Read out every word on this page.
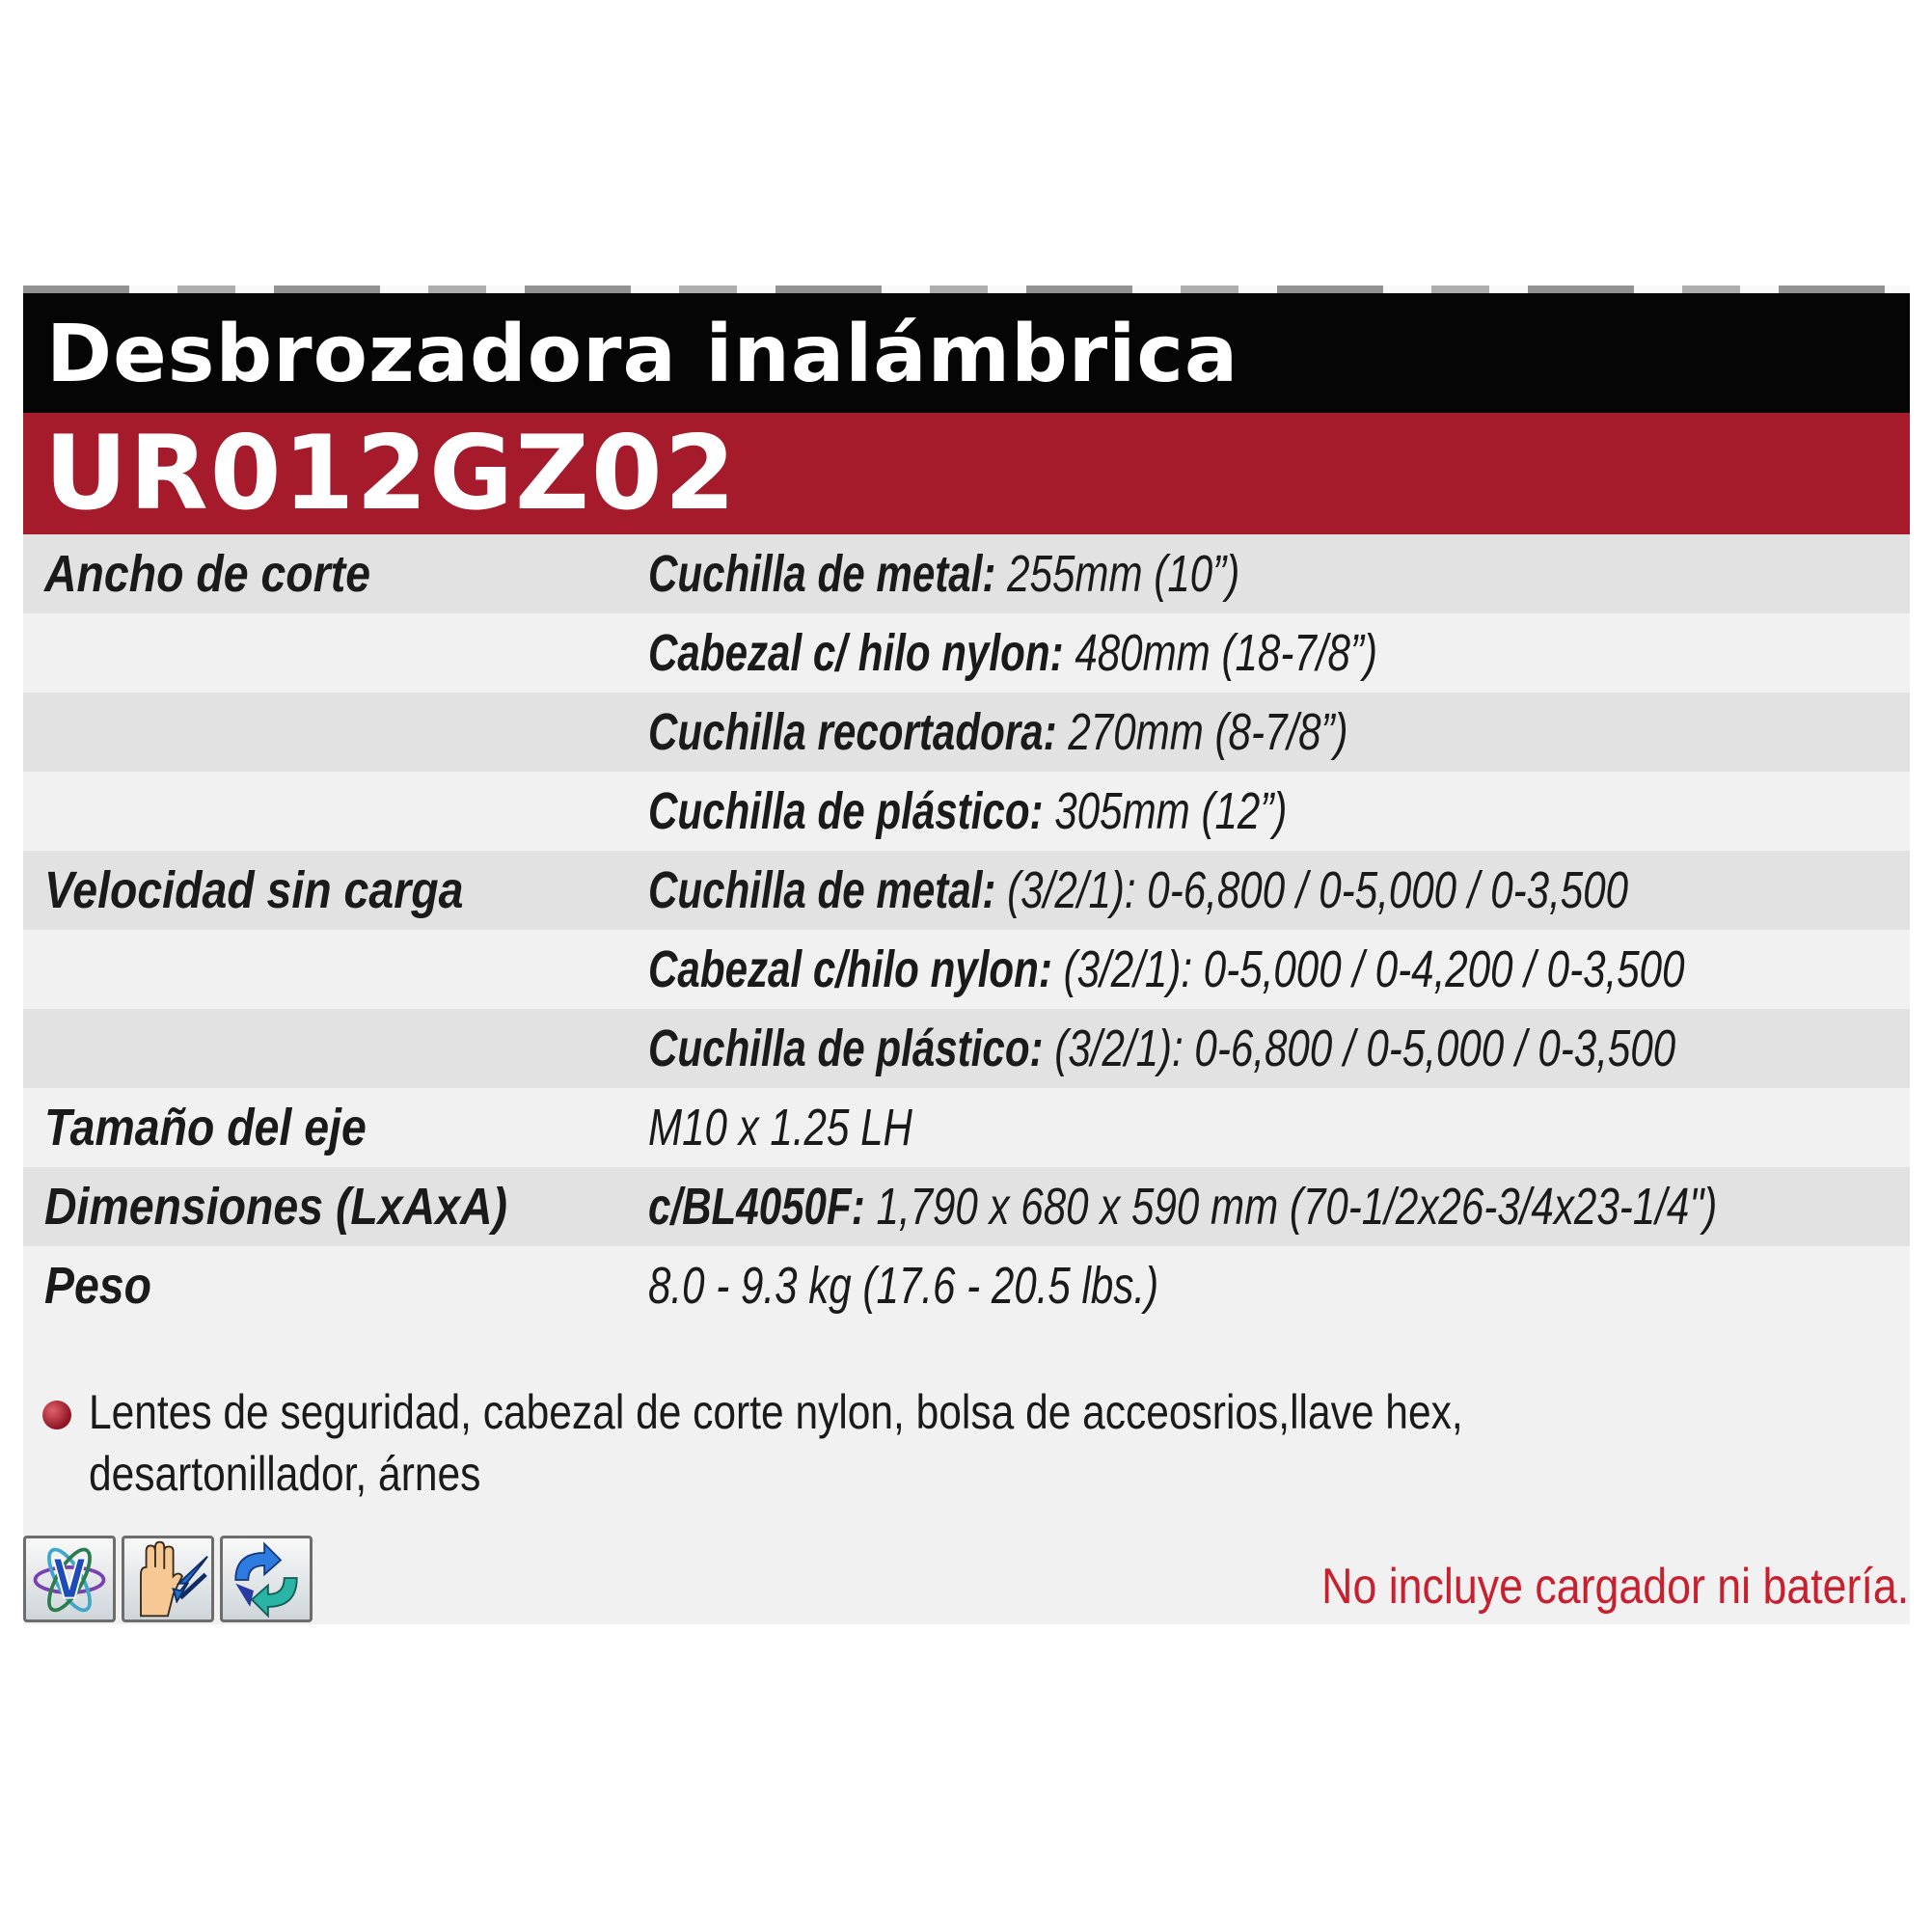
Desbrozadora inalámbrica
UR012GZ02
Ancho de corte	Cuchilla de metal: 255mm (10”)
Cabezal c/ hilo nylon: 480mm (18-7/8”)
Cuchilla recortadora: 270mm (8-7/8”)
Cuchilla de plástico: 305mm (12”)
Velocidad sin carga	Cuchilla de metal: (3/2/1): 0-6,800 / 0-5,000 / 0-3,500
Cabezal c/hilo nylon: (3/2/1): 0-5,000 / 0-4,200 / 0-3,500
Cuchilla de plástico: (3/2/1): 0-6,800 / 0-5,000 / 0-3,500
Tamaño del eje	M10 x 1.25 LH
Dimensiones (LxAxA)	c/BL4050F: 1,790 x 680 x 590 mm (70-1/2x26-3/4x23-1/4")
Peso	8.0 - 9.3 kg (17.6 - 20.5 lbs.)
Lentes de seguridad, cabezal de corte nylon, bolsa de acceosrios,llave hex,
desartonillador, árnes
No incluye cargador ni batería.
